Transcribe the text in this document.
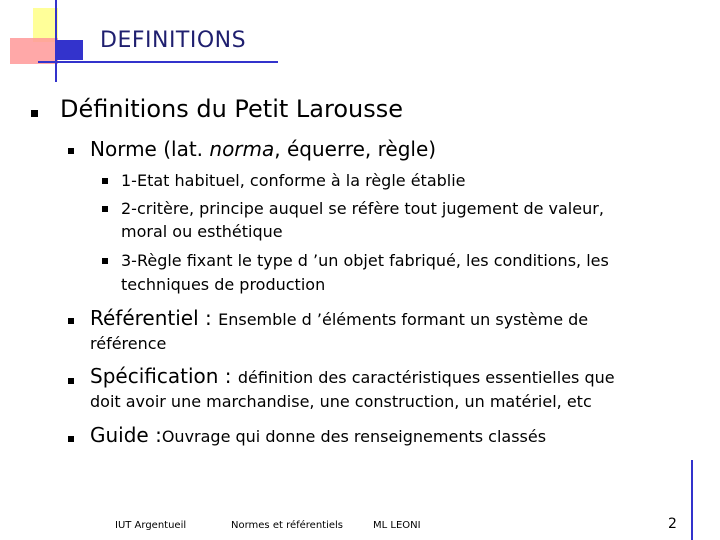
DEFINITIONS
Définitions du Petit Larousse
Norme (lat. norma, équerre, règle)
1-Etat habituel, conforme à la règle établie
2-critère, principe auquel se réfère tout jugement de valeur,
moral ou esthétique
3-Règle fixant le type d ’un objet fabriqué, les conditions, les
techniques de production
Référentiel : Ensemble d ’éléments formant un système de
référence
Spécification : définition des caractéristiques essentielles que
doit avoir une marchandise, une construction, un matériel, etc
Guide :Ouvrage qui donne des renseignements classés
IUT Argentueil	Normes et référentiels	ML LEONI	2
